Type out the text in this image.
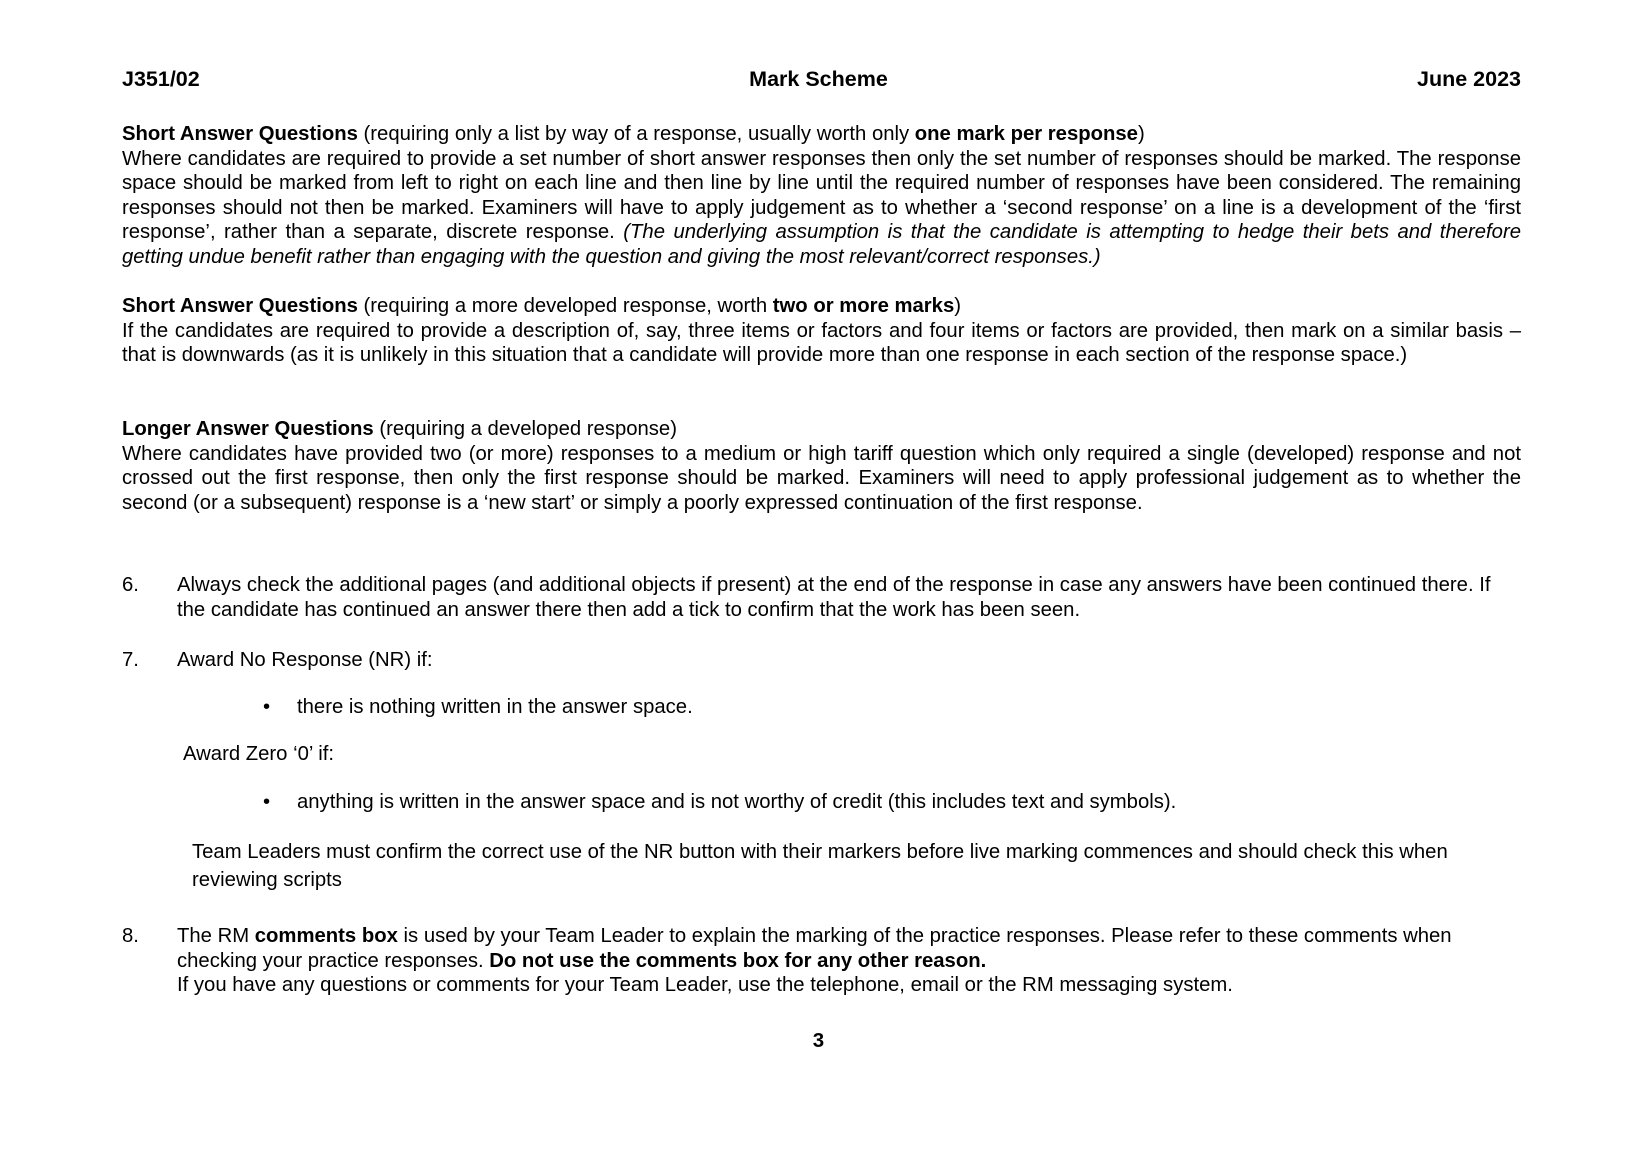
J351/02	Mark Scheme	June 2023
Short Answer Questions (requiring only a list by way of a response, usually worth only one mark per response)
Where candidates are required to provide a set number of short answer responses then only the set number of responses should be marked. The response space should be marked from left to right on each line and then line by line until the required number of responses have been considered. The remaining responses should not then be marked. Examiners will have to apply judgement as to whether a ‘second response’ on a line is a development of the ‘first response’, rather than a separate, discrete response. (The underlying assumption is that the candidate is attempting to hedge their bets and therefore getting undue benefit rather than engaging with the question and giving the most relevant/correct responses.)
Short Answer Questions (requiring a more developed response, worth two or more marks)
If the candidates are required to provide a description of, say, three items or factors and four items or factors are provided, then mark on a similar basis – that is downwards (as it is unlikely in this situation that a candidate will provide more than one response in each section of the response space.)
Longer Answer Questions (requiring a developed response)
Where candidates have provided two (or more) responses to a medium or high tariff question which only required a single (developed) response and not crossed out the first response, then only the first response should be marked. Examiners will need to apply professional judgement as to whether the second (or a subsequent) response is a ‘new start’ or simply a poorly expressed continuation of the first response.
6. Always check the additional pages (and additional objects if present) at the end of the response in case any answers have been continued there. If the candidate has continued an answer there then add a tick to confirm that the work has been seen.
7. Award No Response (NR) if:
• there is nothing written in the answer space.
Award Zero ‘0’ if:
• anything is written in the answer space and is not worthy of credit (this includes text and symbols).
Team Leaders must confirm the correct use of the NR button with their markers before live marking commences and should check this when reviewing scripts
8. The RM comments box is used by your Team Leader to explain the marking of the practice responses. Please refer to these comments when checking your practice responses. Do not use the comments box for any other reason.
If you have any questions or comments for your Team Leader, use the telephone, email or the RM messaging system.
3
